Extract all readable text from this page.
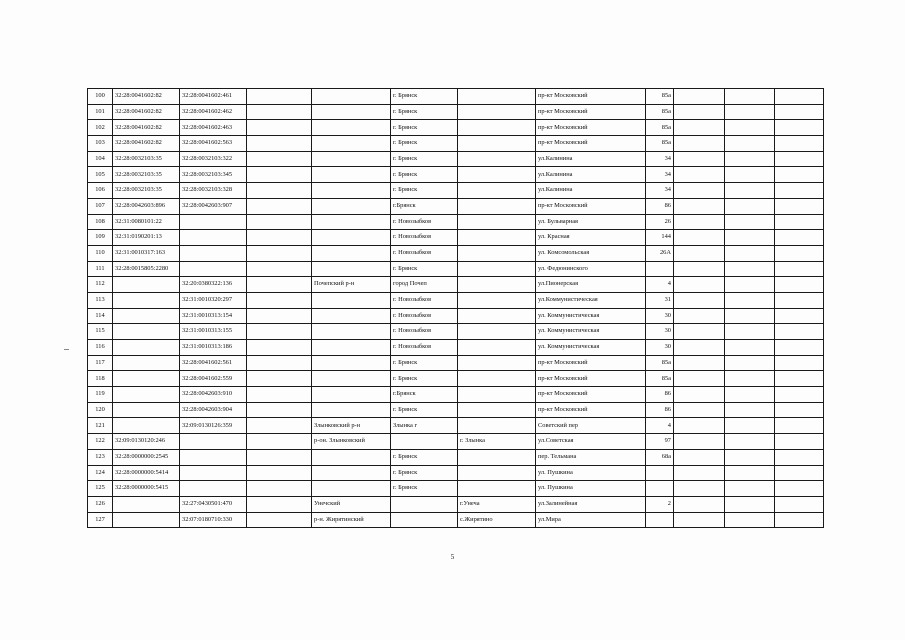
100	32:28:0041602:82	32:28:0041602:461			г. Брянск		пр-кт Московский	85а			
101	32:28:0041602:82	32:28:0041602:462			г. Брянск		пр-кт Московский	85а			
102	32:28:0041602:82	32:28:0041602:463			г. Брянск		пр-кт Московский	85а			
103	32:28:0041602:82	32:28:0041602:563			г. Брянск		пр-кт Московский	85а			
104	32:28:0032103:35	32:28:0032103:322			г. Брянск		ул.Калинина	34			
105	32:28:0032103:35	32:28:0032103:345			г. Брянск		ул.Калинина	34			
106	32:28:0032103:35	32:28:0032103:328			г. Брянск		ул.Калинина	34			
107	32:28:0042603:896	32:28:0042603:907			г.Брянск		пр-кт Московский	86			
108	32:31:0080101:22				г. Новозыбков		ул. Бульварная	26			
109	32:31:0190201:13				г. Новозыбков		ул. Красная	144			
110	32:31:0010317:163				г. Новозыбков		ул. Комсомольская	26А			
111	32:28:0015805:2280				г. Брянск		ул. Федюнинского				
112		32:20:0380322:136		Почепский р-н	город Почеп		ул.Пионерская	4			
113		32:31:0010320:297			г. Новозыбков		ул.Коммунистическая	31			
114		32:31:0010313:154			г. Новозыбков		ул. Коммунистическая	30			
115		32:31:0010313:155			г. Новозыбков		ул. Коммунистическая	30			
116		32:31:0010313:186			г. Новозыбков		ул. Коммунистическая	30			
117		32:28:0041602:561			г. Брянск		пр-кт Московский	85а			
118		32:28:0041602:559			г. Брянск		пр-кт Московский	85а			
119		32:28:0042603:910			г.Брянск		пр-кт Московский	86			
120		32:28:0042603:904			г. Брянск		пр-кт Московский	86			
121		32:09:0130126:359		Злынковский р-н	Злынка г		Советский пер	4			
122	32:09:0130120:246			р-он. Злынковский		г. Злынка	ул.Советская	97			
123	32:28:0000000:2545				г. Брянск		пер. Тельмана	68а			
124	32:28:0000000:5414				г. Брянск		ул. Пушкина				
125	32:28:0000000:5415				г. Брянск		ул. Пушкина				
126		32:27:0430501:470		Унечский		г.Унеча	ул.Залинейная	2			
127		32:07:0180710:330		р-н. Жирятинский		с.Жирятино	ул.Мира				
5
